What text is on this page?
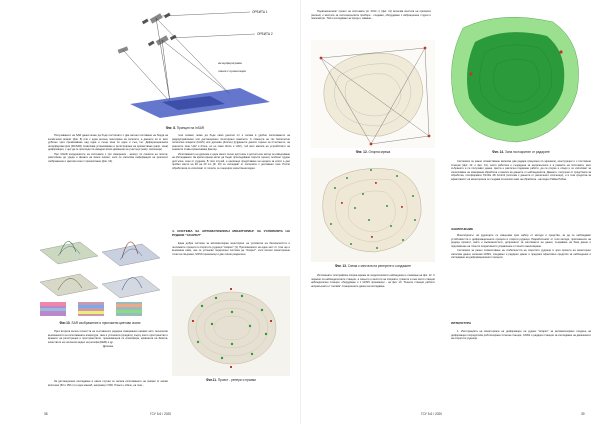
ОРБИТА 1
ОРБИТА 2
интерферограма
линия с ориентация
Фиг. 8. Принцип на InSAR

Получаването на SAR данни може да бъде постигнато с две антени поставени на борда на космически апарат (фиг. 8) или с една антена, монтирана на сателита, а данните са от като урбатни чрез преминаване над една и съща зона по един и същ път. Диференциалната интерферометрия (DInSAR) позволява установяване и регистриране на преместване (напр. зона) деформация, с цел да се проследи по-назадно всяко движение на участъци (напр. свлачища).

При InSAR координатите на системата с три измерения - азимут по линията на полета, разстояние до уреда и фазата на всеки пиксел, като се използва информация на реалното изображение и цветови зони с преместване (фиг. 10).

Фиг.10. SAR изображение и приложени цветови скали

През втората вълна точността на съставените радарни измервания оказват като технически възможности на използваната апаратура, така и условията (средата), върху което пространство и времето на регистрация и пространството, проникващата се атмосфера, кривината на Земята, качеството на числения модел на релефа (DEM) и др.

Дронове

За дистанционно изследване в някои случаи се налага използването на снимки от малки височини (50 и 150 m) и един машаб, например 1:500. Плюсът, обаче, на тези...

тези снимки, може да бъде само десетки m² и затова в удобно използването на радиоуправляеми или дистанционно пилотирани самолети. С помощта на тях безпилотни летателни апарати (UAVs) или дронове (drones) [(с]данните даните терени за отчитанeтo, на реалните зони UAV и drone, но не само drone е UAV), тъй като масата на устройството на снимките става ограничаващ фактор.

Използването на дронове е един много лесно достъпен и достатъчен метод за извършване на обследвания. За кратко време могат да бъдат проследявани открити терени, особено трудно достъпни, зони от рудника. В този случай, е налагащо представяне на нещата за които е дал пробно място на 30 на 20 cm (Ф. 10) се изследват от колоезите с доставени тази. После обработката се използват от полета, се генерират качествени видео.

4. СИСТЕМА ЗА АВТОМАТИЗИРАН МОНИТОРИНГ ЗА УСЛОВИЯТА НА РУДНИК "АСАРЕЛ"

Една добра система за автоматизиран мониторинг на условията на безопасността и геоложките процеси в откритите рудници "Асарел" [1]. Приложението на една част от този ще е възможна само, ако се установи геодезични система да "Асарел", като всички мониторинни точки са свързани, GNSS приемници и две линии разделени.

Фиг.11. Проект - репери и призми
38	ГСУ 5-6 / 2020

Първоначалният проект на системата (от 2014 г.) (фиг. 11) включва местата на призмите (зелено) и местата за геотехническите прибори - сондажи, оборудвани с вибрационни струни и пиезометри. Той е изследвано за продъл- жаване...

Фиг. 12. Опорна мрежа
Фиг. 13. Схема с местата на реперите и сондажите

Изготвената топографска опорна мрежа за геодезическите наблюдения е показана на фиг. 12. С червено са наблюдателните станции, а синьото е местото на спирката, тремите в към които станции наблюдателни станции, оборудване и с GNSS приемници - на фиг. 13. Точните станции работят непрекъснато и "онлайн" станционните данни за изследване.

Фиг. 14. Зона на покритие от радарите

Системата за ранно оповестяване включва два радара (свързани по мрежата), конструкции и с постоянни станции (фиг. 12, и фиг. 14), чиято работата е създадена за непрекъснато и в рамките на системата, като събраните и се получават данни. Целта е различни подземни работи, да се открие и следи и се използват за изчисляване на измервана обработка и анализ на данните от наблюденията. Данните, получени от средствата за обработка, платформата Trimble 4D Control (система с данните от различните източници), и в тези средства за ефективност на мониторинга се създава по-високо ниво на обработка - нагледен Тайма Рибна.

ЗАКЛЮЧЕНИЕ

Мониторингът на рудниците се извършва чрез набор от методи и средства, за да се наблюдават устойчивостта и деформационните процеси в открити рудници. Разработеният от тези методи, приложените на редица проекти, както и възможностите, допринасят за изготвянето на данни, създаване на база данни и подпомагане на тяхното оперативното управление и тяхното анализиране.

Системата за ранно оповестяване на стабилността на откритите рудници в чрез проекти на мониторинг използва данни, включва GNSS, сондажни и радарни данни и предлага ефективно средство за наблюдение и изследване на деформационните процеси.

ЛИТЕРАТУРА

1. Интеграцията на мониторинга на деформации на рудник "Асарел" за автоматизирано следене на деформации посредством роботизирана тотална станция, GNSS и радарни станции за изследване на движението на откритите рудници.

ГСУ 5-6 / 2020	39
